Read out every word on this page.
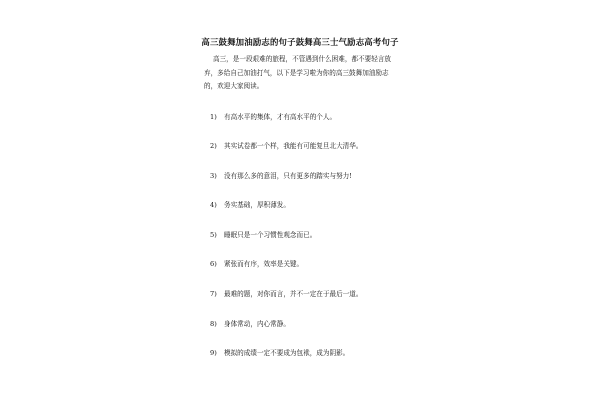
高三鼓舞加油励志的句子鼓舞高三士气励志高考句子

高三，是一段艰难的旅程，不管遇到什么困难，都不要轻言放
弃，多给自己加油打气，以下是学习啦为你的高三鼓舞加油励志
的，欢迎大家阅读。

1) 有高水平的集体，才有高水平的个人。
2) 其实试卷都一个样，我能有可能复旦北大清华。
3) 没有那么多的意泪，只有更多的踏实与努力!
4) 务实基础，厚积薄发。
5) 睡眠只是一个习惯性观念而已。
6) 紧张而有序，效率是关键。
7) 最难的题，对你而言，并不一定在于最后一道。
8) 身体常动，内心常静。
9) 模拟的成绩一定不要成为包袱，成为阴影。
